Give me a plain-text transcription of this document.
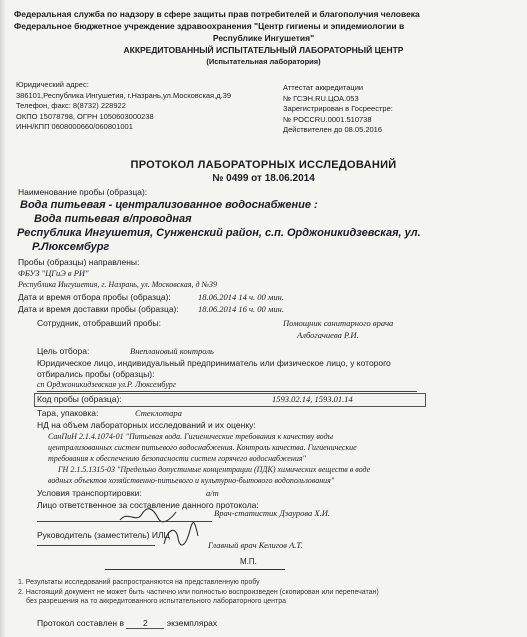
Федеральная служба по надзору в сфере защиты прав потребителей и благополучия человека
Федеральное бюджетное учреждение здравоохранения "Центр гигиены и эпидемиологии в
Республике Ингушетия"
АККРЕДИТОВАННЫЙ ИСПЫТАТЕЛЬНЫЙ ЛАБОРАТОРНЫЙ ЦЕНТР
(Испытательная лаборатория)
Юридический адрес:
386101,Республика Ингушетия, г.Назрань,ул.Московская,д.39
Телефон, факс: 8(8732) 228922
ОКПО 15078798, ОГРН 1050603000238
ИНН/КПП 0608000660/060801001
Аттестат аккредитации
№ ГСЭН.RU.ЦОА.053
Зарегистрирован в Госреестре:
№ POCCRU.0001.510738
Действителен до 08.05.2016
ПРОТОКОЛ ЛАБОРАТОРНЫХ ИССЛЕДОВАНИЙ
№ 0499 от 18.06.2014
Наименование пробы (образца):
Вода питьевая - централизованное водоснабжение :
Вода питьевая в/проводная
Республика Ингушетия, Сунженский район, с.п. Орджоникидзевская, ул.
Р.Люксембург
Пробы (образцы) направлены:
ФБУЗ "ЦГиЭ в РИ"
Республика Ингушетия, г. Назрань, ул. Московская, д №39
Дата и время отбора пробы (образца):	18.06.2014 14 ч. 00 мин.
Дата и время доставки пробы (образца): 18.06.2014 16 ч. 00 мин.
Сотрудник, отобравший пробы:	Помощник санитарного врача
Албогачиева Р.И.
Цель отбора:	Внеплановый контроль
Юридическое лицо, индивидуальный предприниматель или физическое лицо, у которого
отбирались пробы (образцы):
сп Орджоникидзевская ул.Р. Люксембург
Код пробы (образца):	1593.02.14, 1593.01.14
Тара, упаковка:	Стеклотара
НД на объем лабораторных исследований и их оценку:
СанПиН 2.1.4.1074-01 "Питьевая вода. Гигиенические требования к качеству воды
централизованных систем питьевого водоснабжения. Контроль качества. Гигиенические
требования к обеспечению безопасности систем горячего водоснабжения"
ГН 2.1.5.1315-03 "Предельно допустимые концентрации (ПДК) химических веществ в воде
водных объектов хозяйственно-питьевого и культурно-бытового водопользования"
Условия транспортировки:	а/т
Лицо ответственное за составление данного протокола:
Врач-статистик Дзаурова Х.И.
Руководитель (заместитель) ИЛЦ
Главный врач Келигов А.Т.
М.П.
1. Результаты исследований распространяются на представленную пробу
2. Настоящий документ не может быть частично или полностью воспроизведен (скопирован или перепечатан)
без разрешения на то аккредитованного испытательного лабораторного центра
Протокол составлен в 2 экземплярах
